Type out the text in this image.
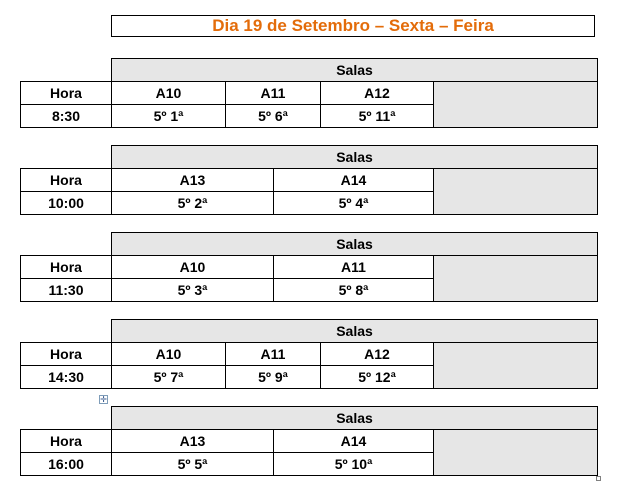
Dia 19 de Setembro – Sexta – Feira
	Salas			
Hora	A10	A11	A12	
8:30	5º 1ª	5º 6ª	5º 11ª	
	Salas		
Hora	A13	A14	
10:00	5º 2ª	5º 4ª	
	Salas		
Hora	A10	A11	
11:30	5º 3ª	5º 8ª	
	Salas			
Hora	A10	A11	A12	
14:30	5º 7ª	5º 9ª	5º 12ª	
✛
	Salas		
Hora	A13	A14	
16:00	5º 5ª	5º 10ª	
